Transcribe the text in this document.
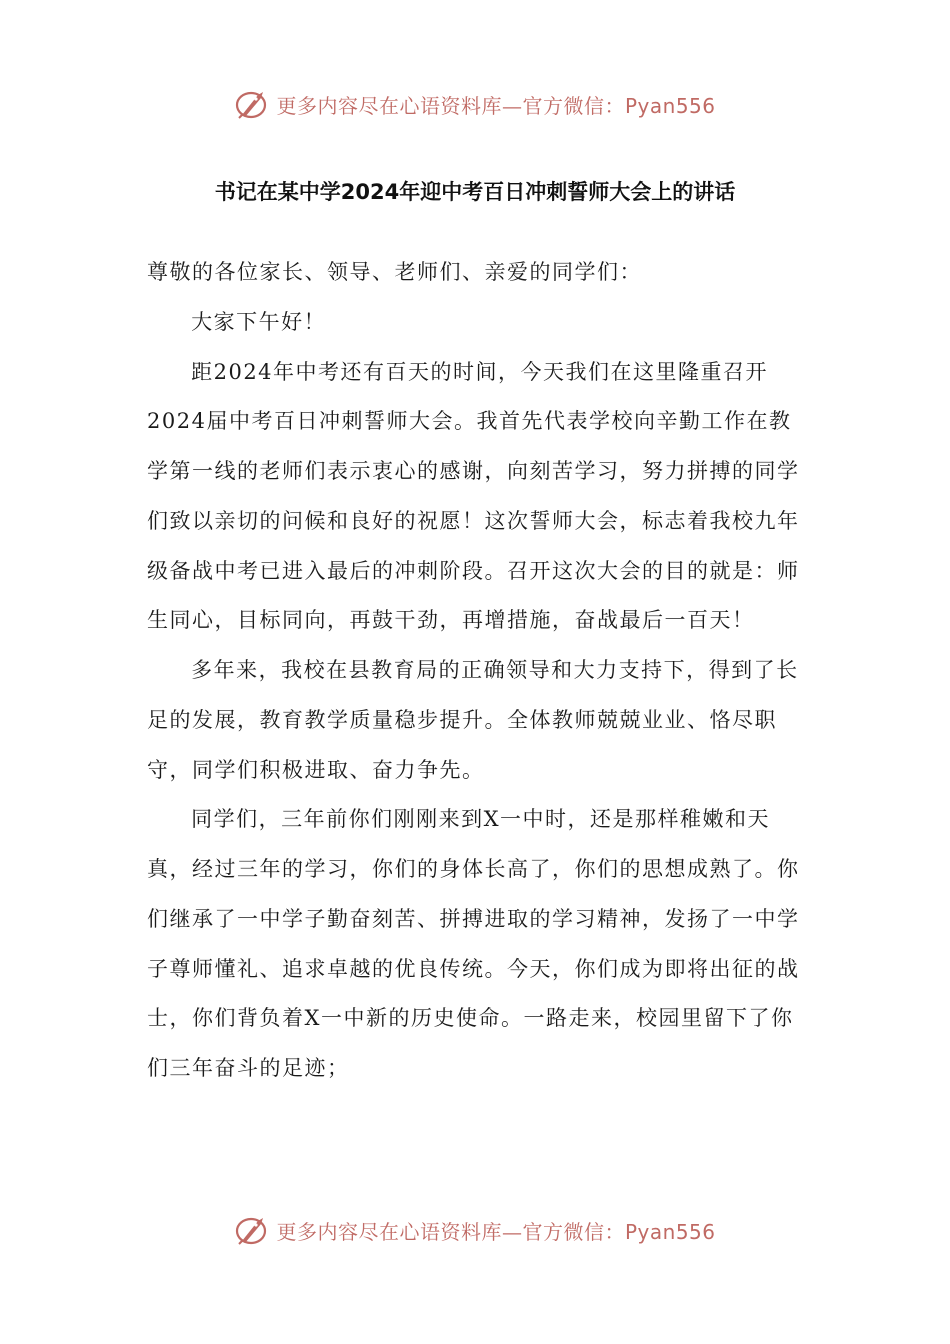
更多内容尽在心语资料库—官方微信：Pyan556
书记在某中学2024年迎中考百日冲刺誓师大会上的讲话

尊敬的各位家长、领导、老师们、亲爱的同学们：

大家下午好！

距2024年中考还有百天的时间，今天我们在这里隆重召开2024届中考百日冲刺誓师大会。我首先代表学校向辛勤工作在教学第一线的老师们表示衷心的感谢，向刻苦学习，努力拼搏的同学们致以亲切的问候和良好的祝愿！这次誓师大会，标志着我校九年级备战中考已进入最后的冲刺阶段。召开这次大会的目的就是：师生同心，目标同向，再鼓干劲，再增措施，奋战最后一百天！

多年来，我校在县教育局的正确领导和大力支持下，得到了长足的发展，教育教学质量稳步提升。全体教师兢兢业业、恪尽职守，同学们积极进取、奋力争先。

同学们，三年前你们刚刚来到X一中时，还是那样稚嫩和天真，经过三年的学习，你们的身体长高了，你们的思想成熟了。你们继承了一中学子勤奋刻苦、拼搏进取的学习精神，发扬了一中学子尊师懂礼、追求卓越的优良传统。今天，你们成为即将出征的战士，你们背负着X一中新的历史使命。一路走来，校园里留下了你们三年奋斗的足迹；

更多内容尽在心语资料库—官方微信：Pyan556
